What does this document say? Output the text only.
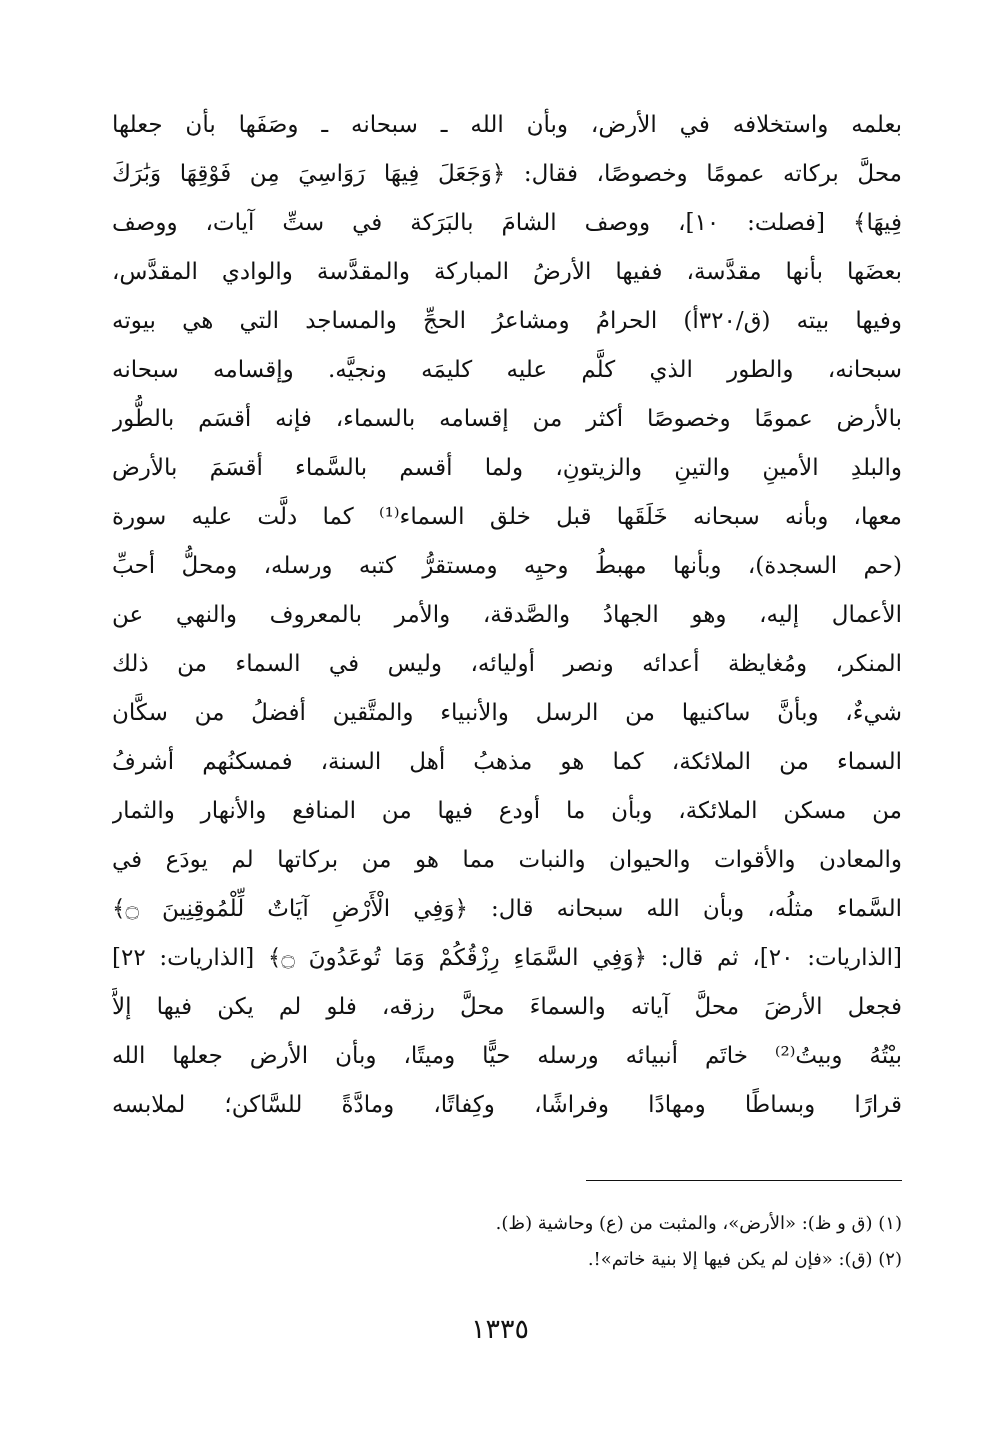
بعلمه واستخلافه في الأرض، وبأن الله ـ سبحانه ـ وصَفَها بأن جعلها
محلَّ بركاته عمومًا وخصوصًا، فقال: ﴿وَجَعَلَ فِيهَا رَوَاسِيَ مِن فَوْقِهَا وَبَٰرَكَ
فِيهَا﴾ [فصلت: ١٠]، ووصف الشامَ بالبَرَكة في ستِّ آيات، ووصف
بعضَها بأنها مقدَّسة، ففيها الأرضُ المباركة والمقدَّسة والوادي المقدَّس،
وفيها بيته (ق/٣٢٠أ) الحرامُ ومشاعرُ الحجِّ والمساجد التي هي بيوته
سبحانه، والطور الذي كلَّم عليه كليمَه ونجيَّه. وإقسامه سبحانه
بالأرض عمومًا وخصوصًا أكثر من إقسامه بالسماء، فإنه أقسَم بالطُّور
والبلدِ الأمينِ والتينِ والزيتونِ، ولما أقسم بالسَّماء أقسَمَ بالأرض
معها، وبأنه سبحانه خَلَقَها قبل خلق السماء⁽¹⁾ كما دلَّت عليه سورة
(حم السجدة)، وبأنها مهبطُ وحيِه ومستقرُّ كتبه ورسله، ومحلُّ أحبِّ
الأعمال إليه، وهو الجهادُ والصَّدقة، والأمر بالمعروف والنهي عن
المنكر، ومُغايظة أعدائه ونصر أوليائه، وليس في السماء من ذلك
شيءٌ، وبأنَّ ساكنيها من الرسل والأنبياء والمتَّقين أفضلُ من سكَّان
السماء من الملائكة، كما هو مذهبُ أهل السنة، فمسكنُهم أشرفُ
من مسكن الملائكة، وبأن ما أودع فيها من المنافع والأنهار والثمار
والمعادن والأقوات والحيوان والنبات مما هو من بركاتها لم يودَع في
السَّماء مثلُه، وبأن الله سبحانه قال: ﴿وَفِي الْأَرْضِ آيَاتٌ لِّلْمُوقِنِينَ ۝﴾
[الذاريات: ٢٠]، ثم قال: ﴿وَفِي السَّمَاءِ رِزْقُكُمْ وَمَا تُوعَدُونَ ۝﴾ [الذاريات: ٢٢]
فجعل الأرضَ محلَّ آياته والسماءَ محلَّ رزقه، فلو لم يكن فيها إلاَّ
بيْتُهُ وبيتُ⁽²⁾ خاتَم أنبيائه ورسله حيًّا وميتًا، وبأن الأرض جعلها الله
قرارًا وبساطًا ومهادًا وفراشًا، وكِفاتًا، ومادَّةً للسَّاكن؛ لملابسه
(١) (ق و ظ): «الأرض»، والمثبت من (ع) وحاشية (ظ).
(٢) (ق): «فإن لم يكن فيها إلا بنية خاتم»!.
١٣٣٥
